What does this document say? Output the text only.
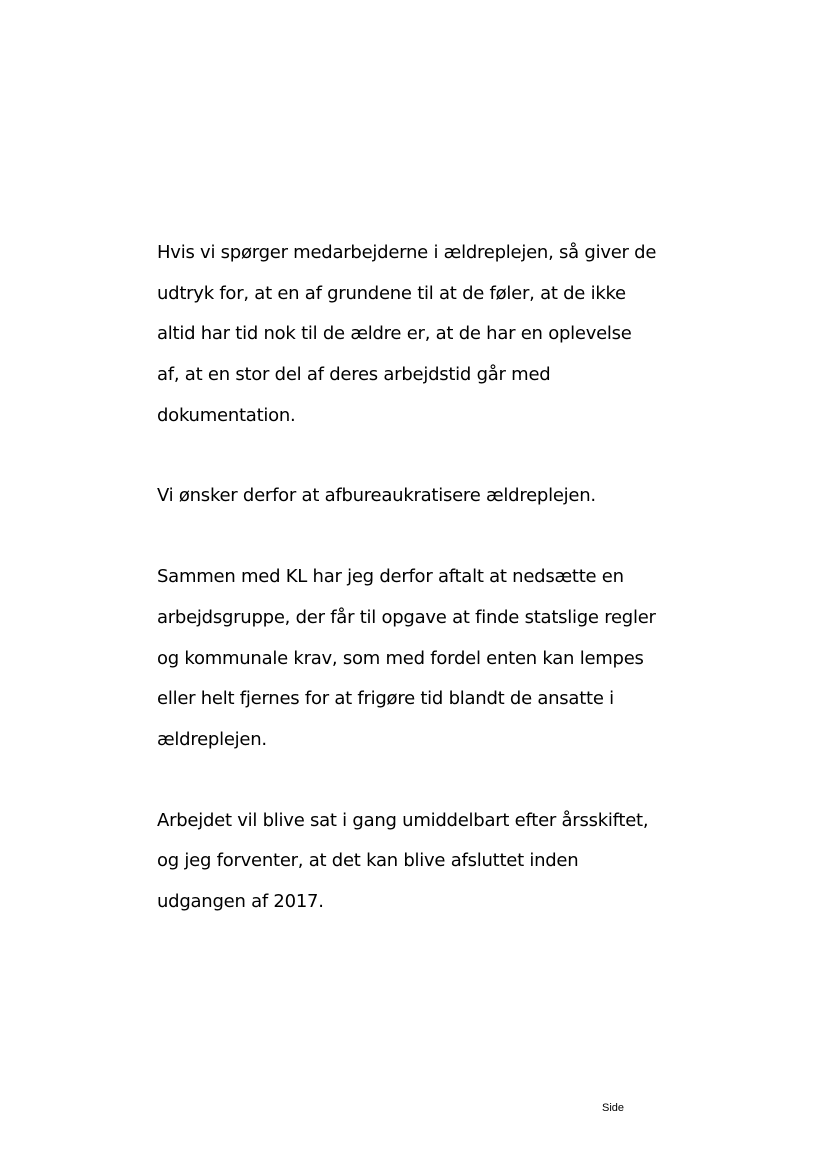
Hvis vi spørger medarbejderne i ældreplejen, så giver de
udtryk for, at en af grundene til at de føler, at de ikke
altid har tid nok til de ældre er, at de har en oplevelse
af, at en stor del af deres arbejdstid går med
dokumentation.

Vi ønsker derfor at afbureaukratisere ældreplejen.

Sammen med KL har jeg derfor aftalt at nedsætte en
arbejdsgruppe, der får til opgave at finde statslige regler
og kommunale krav, som med fordel enten kan lempes
eller helt fjernes for at frigøre tid blandt de ansatte i
ældreplejen.

Arbejdet vil blive sat i gang umiddelbart efter årsskiftet,
og jeg forventer, at det kan blive afsluttet inden
udgangen af 2017.

Side
